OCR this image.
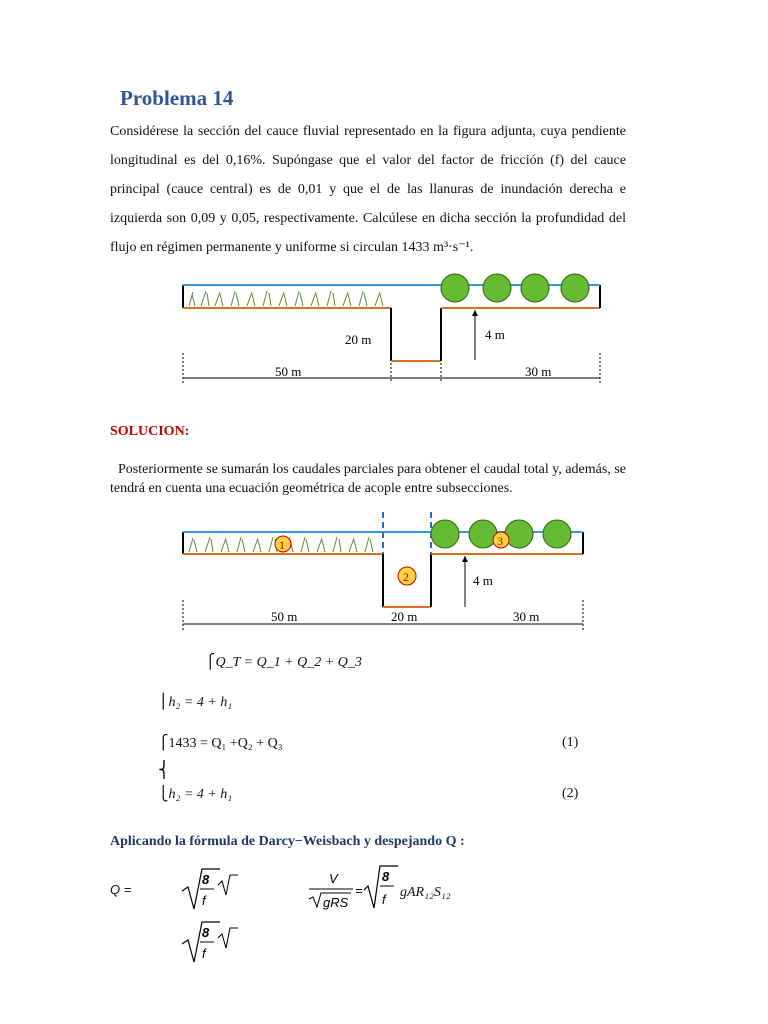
Problema 14
Considérese la sección del cauce fluvial representado en la figura adjunta, cuya pendiente longitudinal es del 0,16%. Supóngase que el valor del factor de fricción (f) del cauce principal (cauce central) es de 0,01 y que el de las llanuras de inundación derecha e izquierda son 0,09 y 0,05, respectivamente. Calcúlese en dicha sección la profundidad del flujo en régimen permanente y uniforme si circulan 1433 m³·s⁻¹.
20 m	4 m
50 m	30 m
SOLUCION:
Posteriormente se sumarán los caudales parciales para obtener el caudal total y, además, se tendrá en cuenta una ecuación geométrica de acople entre subsecciones.
1
2
3
4 m
50 m	20 m	30 m
⎧Q_T = Q_1 + Q_2 + Q_3
⎪h₂ = 4 + h₁
⎧1433 = Q₁ +Q₂ + Q₃	(1)
⎨
⎩h₂ = 4 + h₁	(2)
Aplicando la fórmula de Darcy−Weisbach y despejando Q :
Q =
8
f
V
gRS
=
8
f gAR₁₂S₁₂
8
f
